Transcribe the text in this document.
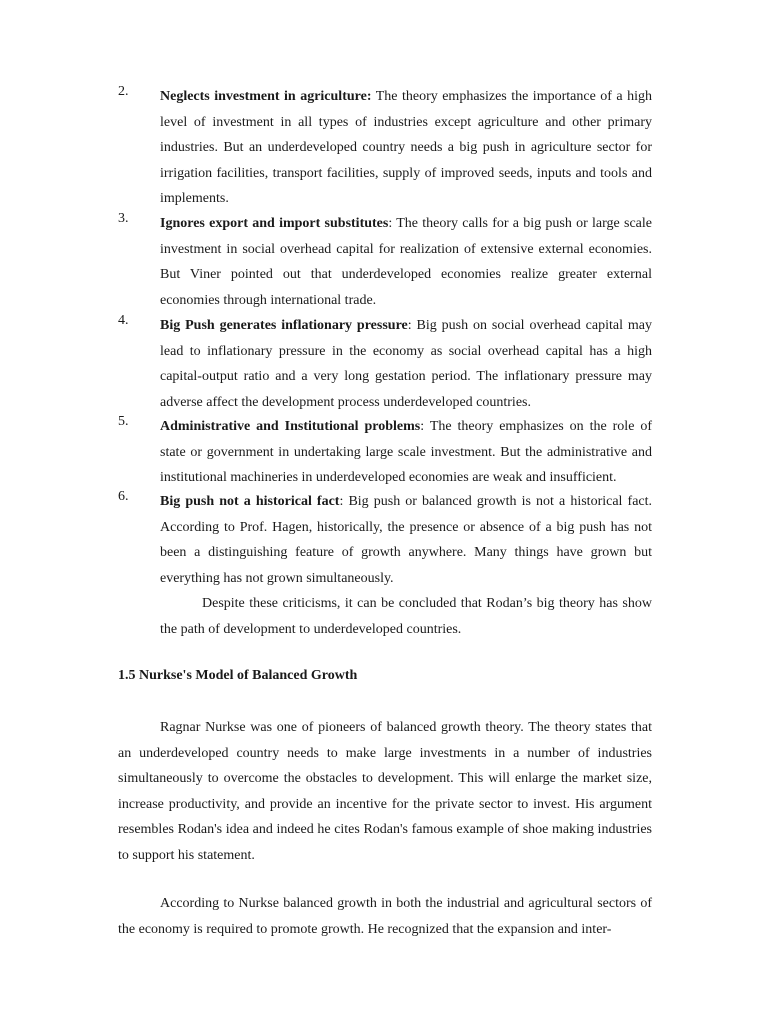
2. Neglects investment in agriculture: The theory emphasizes the importance of a high level of investment in all types of industries except agriculture and other primary industries. But an underdeveloped country needs a big push in agriculture sector for irrigation facilities, transport facilities, supply of improved seeds, inputs and tools and implements.
3. Ignores export and import substitutes: The theory calls for a big push or large scale investment in social overhead capital for realization of extensive external economies. But Viner pointed out that underdeveloped economies realize greater external economies through international trade.
4. Big Push generates inflationary pressure: Big push on social overhead capital may lead to inflationary pressure in the economy as social overhead capital has a high capital-output ratio and a very long gestation period. The inflationary pressure may adverse affect the development process underdeveloped countries.
5. Administrative and Institutional problems: The theory emphasizes on the role of state or government in undertaking large scale investment. But the administrative and institutional machineries in underdeveloped economies are weak and insufficient.
6. Big push not a historical fact: Big push or balanced growth is not a historical fact. According to Prof. Hagen, historically, the presence or absence of a big push has not been a distinguishing feature of growth anywhere. Many things have grown but everything has not grown simultaneously.

Despite these criticisms, it can be concluded that Rodan’s big theory has show the path of development to underdeveloped countries.

1.5 Nurkse's Model of Balanced Growth

Ragnar Nurkse was one of pioneers of balanced growth theory. The theory states that an underdeveloped country needs to make large investments in a number of industries simultaneously to overcome the obstacles to development. This will enlarge the market size, increase productivity, and provide an incentive for the private sector to invest. His argument resembles Rodan's idea and indeed he cites Rodan's famous example of shoe making industries to support his statement.

According to Nurkse balanced growth in both the industrial and agricultural sectors of the economy is required to promote growth. He recognized that the expansion and inter-
